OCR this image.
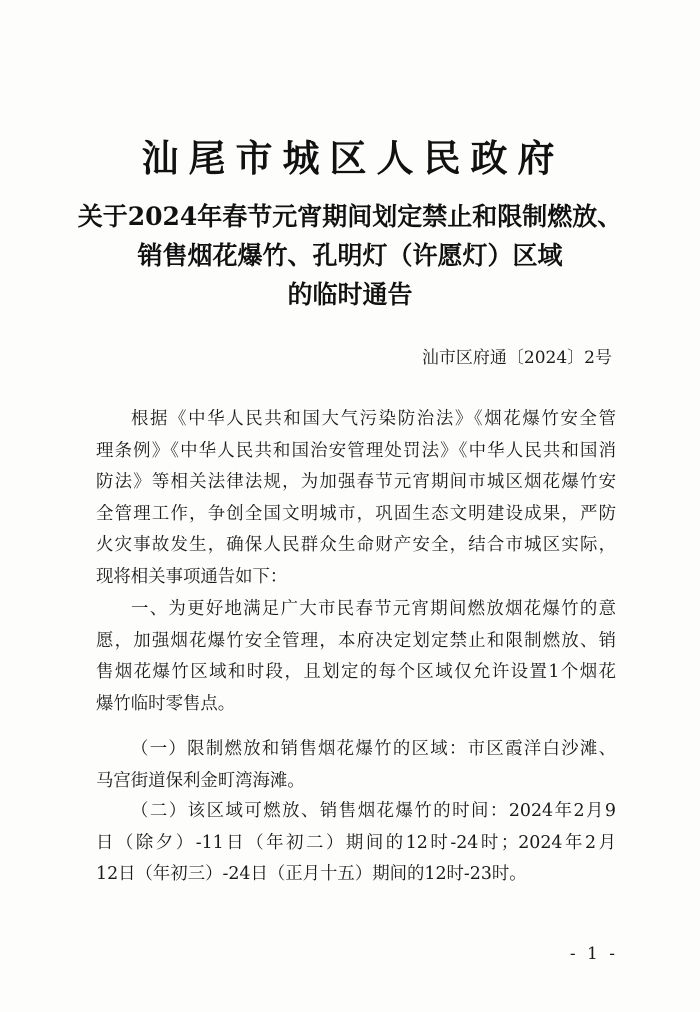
汕尾市城区人民政府
关于2024年春节元宵期间划定禁止和限制燃放、
销售烟花爆竹、孔明灯（许愿灯）区域
的临时通告
汕市区府通〔2024〕2号
根据《中华人民共和国大气污染防治法》《烟花爆竹安全管
理条例》《中华人民共和国治安管理处罚法》《中华人民共和国消
防法》等相关法律法规，为加强春节元宵期间市城区烟花爆竹安
全管理工作，争创全国文明城市，巩固生态文明建设成果，严防
火灾事故发生，确保人民群众生命财产安全，结合市城区实际，
现将相关事项通告如下：
一、为更好地满足广大市民春节元宵期间燃放烟花爆竹的意
愿，加强烟花爆竹安全管理，本府决定划定禁止和限制燃放、销
售烟花爆竹区域和时段，且划定的每个区域仅允许设置1个烟花
爆竹临时零售点。
（一）限制燃放和销售烟花爆竹的区域：市区霞洋白沙滩、
马宫街道保利金町湾海滩。
（二）该区域可燃放、销售烟花爆竹的时间：2024年2月9
日（除夕）-11日（年初二）期间的12时-24时；2024年2月
12日（年初三）-24日（正月十五）期间的12时-23时。
- 1 -
